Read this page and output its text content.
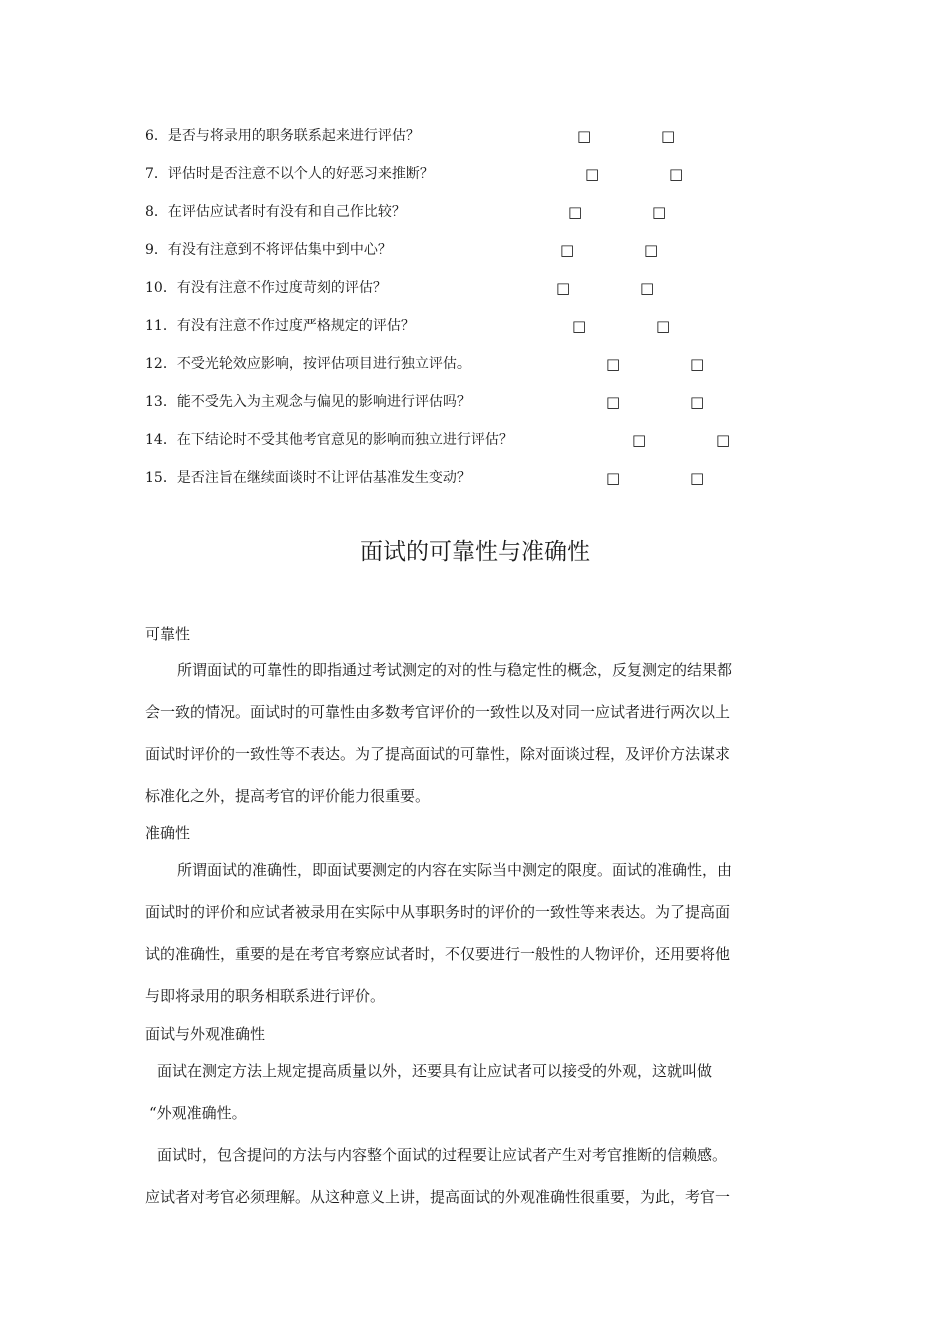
6．是否与将录用的职务联系起来进行评估？	□	□
7．评估时是否注意不以个人的好恶习来推断？	□	□
8．在评估应试者时有没有和自己作比较？	□	□
9．有没有注意到不将评估集中到中心？	□	□
10．有没有注意不作过度苛刻的评估？	□	□
11．有没有注意不作过度严格规定的评估？	□	□
12．不受光轮效应影响，按评估项目进行独立评估。	□	□
13．能不受先入为主观念与偏见的影响进行评估吗？	□	□
14．在下结论时不受其他考官意见的影响而独立进行评估？	□	□
15．是否注旨在继续面谈时不让评估基准发生变动？	□	□
面试的可靠性与准确性
可靠性
所谓面试的可靠性的即指通过考试测定的对的性与稳定性的概念，反复测定的结果都
会一致的情况。面试时的可靠性由多数考官评价的一致性以及对同一应试者进行两次以上
面试时评价的一致性等不表达。为了提高面试的可靠性，除对面谈过程，及评价方法谋求
标准化之外，提高考官的评价能力很重要。
准确性
所谓面试的准确性，即面试要测定的内容在实际当中测定的限度。面试的准确性，由
面试时的评价和应试者被录用在实际中从事职务时的评价的一致性等来表达。为了提高面
试的准确性，重要的是在考官考察应试者时，不仅要进行一般性的人物评价，还用要将他
与即将录用的职务相联系进行评价。
面试与外观准确性
面试在测定方法上规定提高质量以外，还要具有让应试者可以接受的外观，这就叫做
“外观准确性。
面试时，包含提问的方法与内容整个面试的过程要让应试者产生对考官推断的信赖感。
应试者对考官必须理解。从这种意义上讲，提高面试的外观准确性很重要，为此，考官一
